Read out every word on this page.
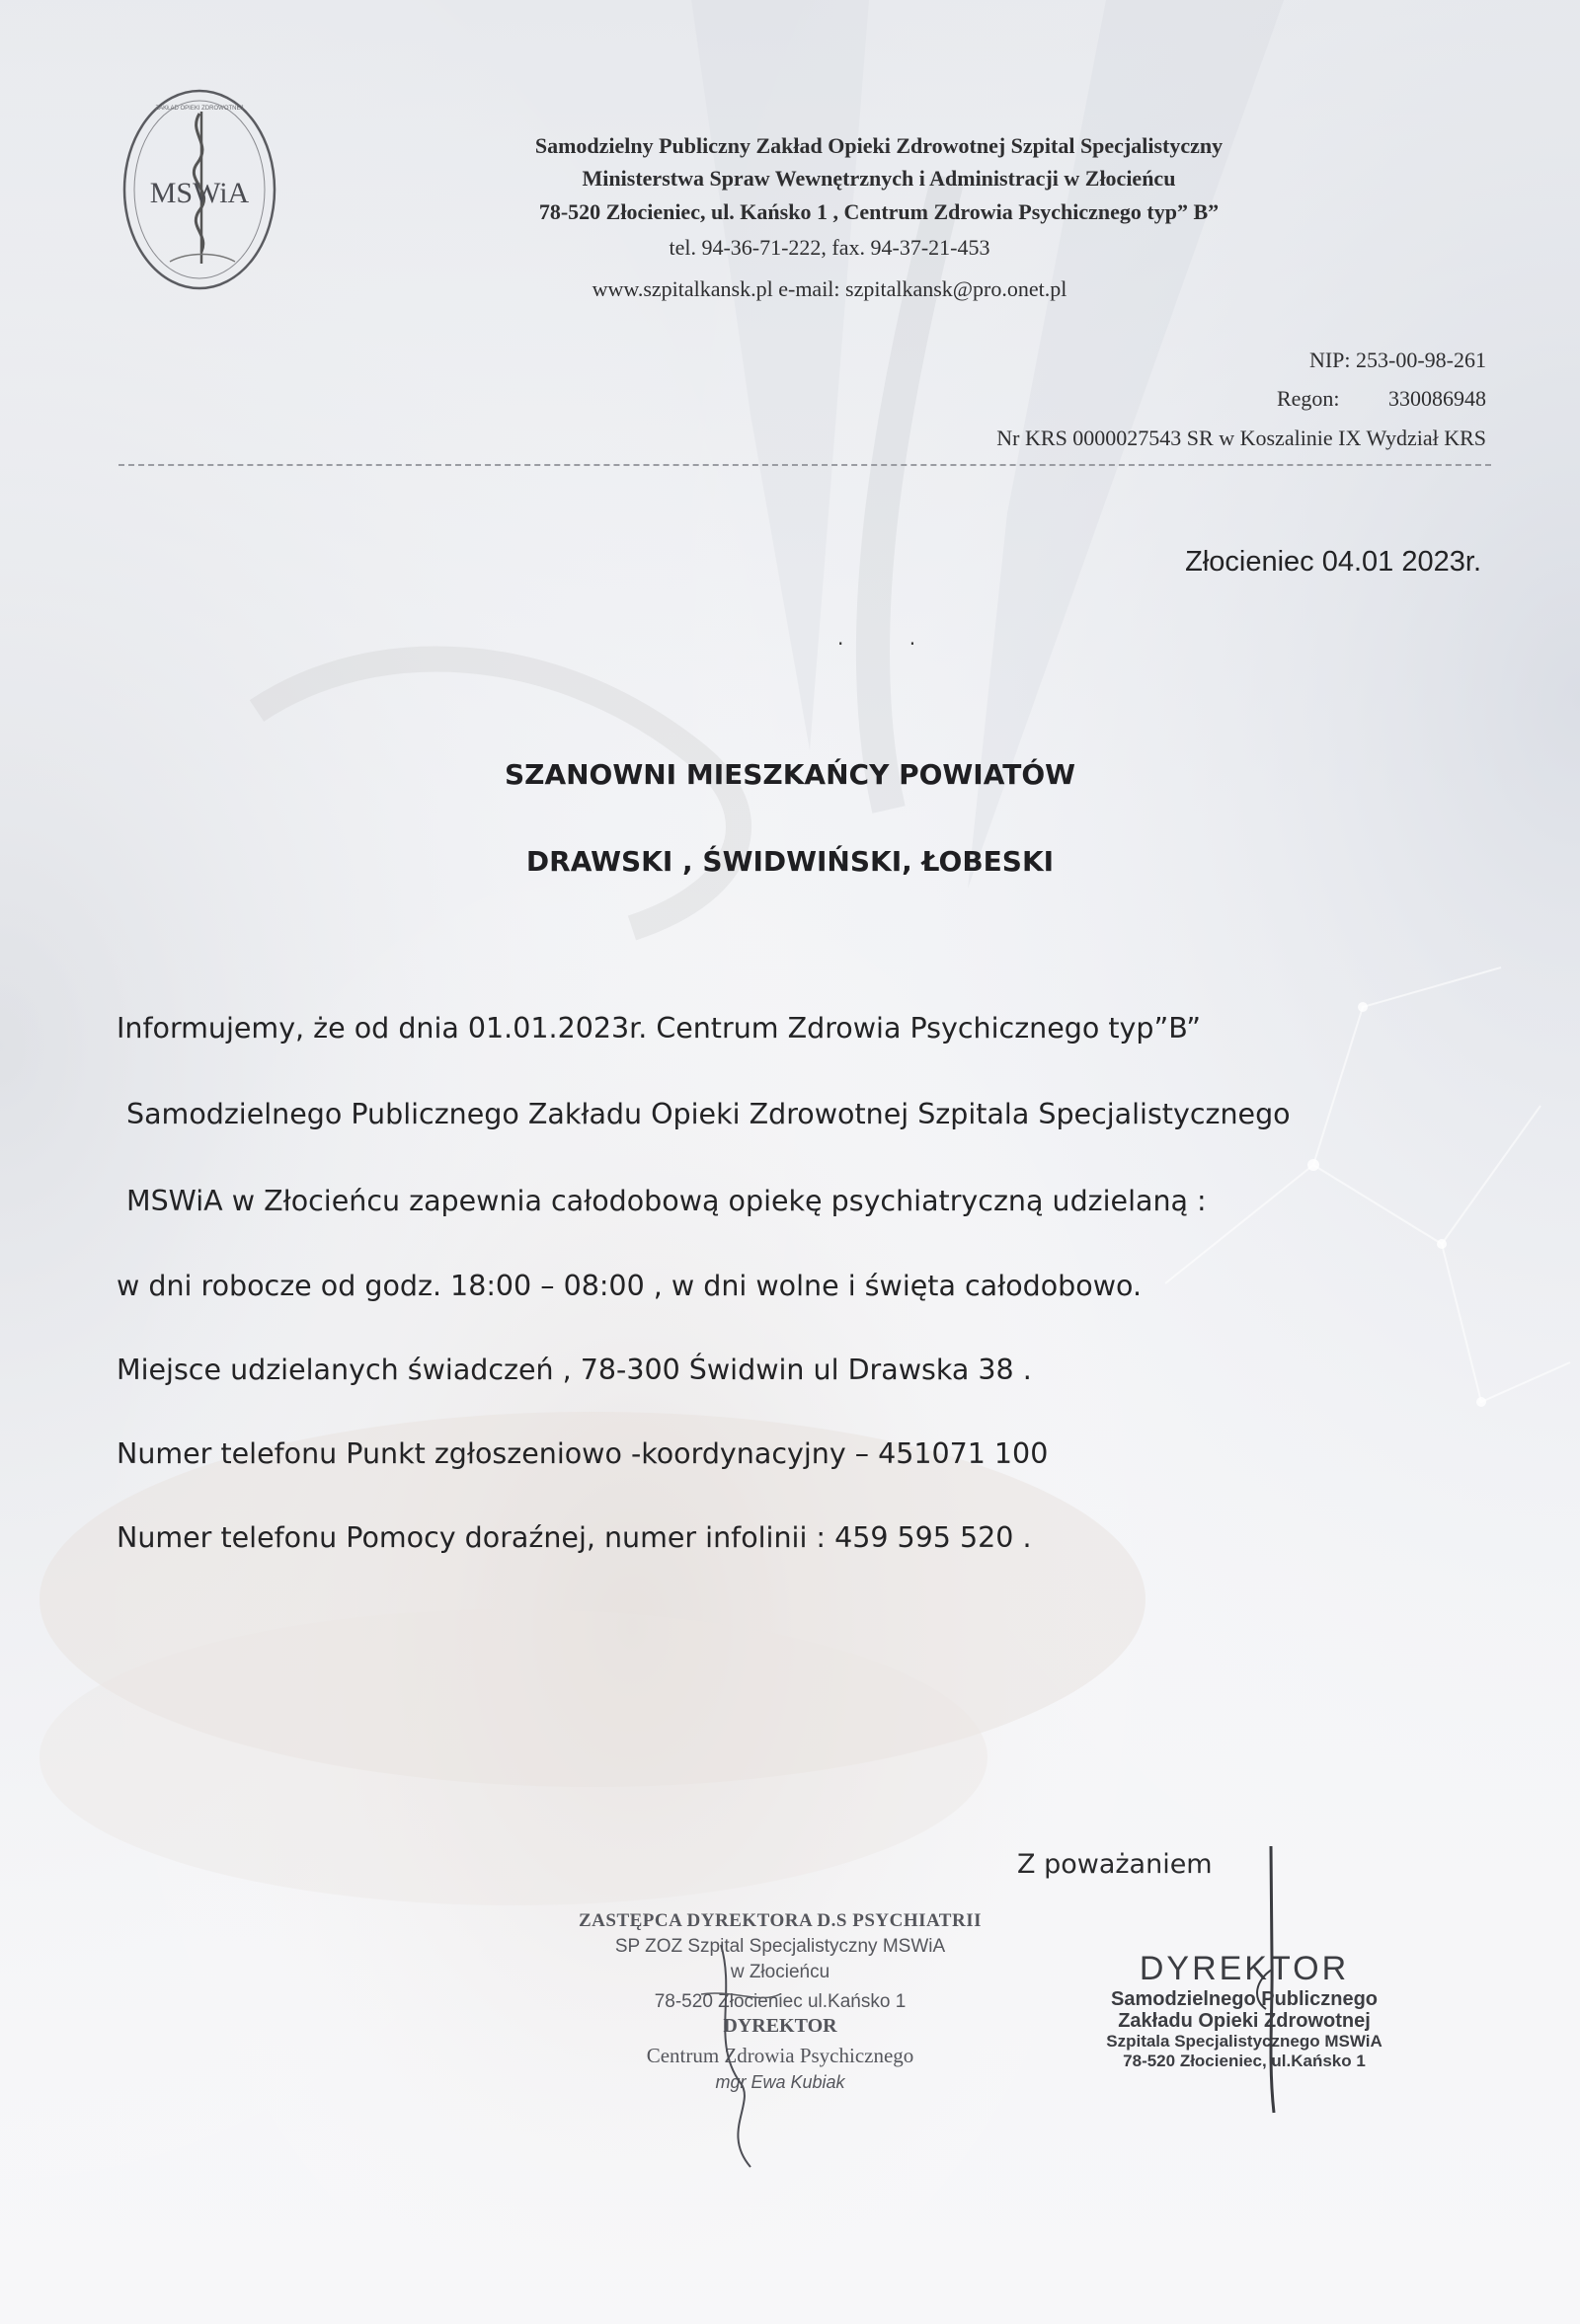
MSWiA
ZAKŁAD OPIEKI ZDROWOTNEJ
Samodzielny Publiczny Zakład Opieki Zdrowotnej Szpital Specjalistyczny
Ministerstwa Spraw Wewnętrznych i Administracji w Złocieńcu
78-520 Złocieniec, ul. Kańsko 1 , Centrum Zdrowia Psychicznego typ” B”
tel. 94-36-71-222, fax. 94-37-21-453
www.szpitalkansk.pl e-mail: szpitalkansk@pro.onet.pl
NIP: 253-00-98-261
Regon:         330086948
Nr KRS 0000027543 SR w Koszalinie IX Wydział KRS
Złocieniec 04.01 2023r.
· ·
SZANOWNI MIESZKAŃCY POWIATÓW
DRAWSKI , ŚWIDWIŃSKI, ŁOBESKI
Informujemy, że od dnia 01.01.2023r. Centrum Zdrowia Psychicznego typ”B”
Samodzielnego Publicznego Zakładu Opieki Zdrowotnej Szpitala Specjalistycznego
MSWiA w Złocieńcu zapewnia całodobową opiekę psychiatryczną udzielaną :
w dni robocze od godz. 18:00 – 08:00 , w dni wolne i święta całodobowo.
Miejsce udzielanych świadczeń , 78-300 Świdwin ul Drawska 38 .
Numer telefonu Punkt zgłoszeniowo -koordynacyjny – 451071 100
Numer telefonu Pomocy doraźnej, numer infolinii : 459 595 520 .
Z poważaniem
ZASTĘPCA DYREKTORA D.S PSYCHIATRII
SP ZOZ Szpital Specjalistyczny MSWiA
w Złocieńcu
78-520 Złocieniec ul.Kańsko 1
DYREKTOR
Centrum Zdrowia Psychicznego
mgr Ewa Kubiak
DYREKTOR
Samodzielnego Publicznego
Zakładu Opieki Zdrowotnej
Szpitala Specjalistycznego MSWiA
78-520 Złocieniec, ul.Kańsko 1
